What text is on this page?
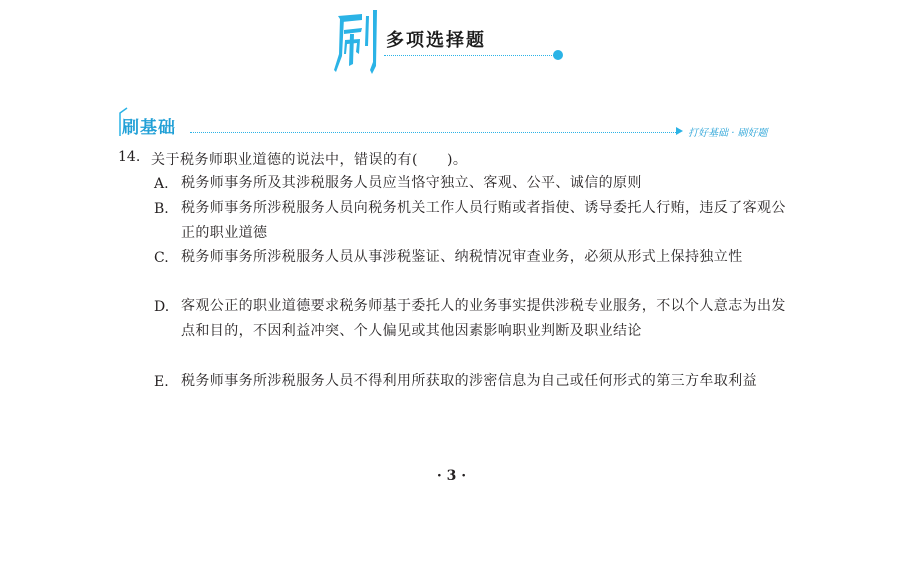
多项选择题
刷基础	打好基础 · 刷好题
14. 关于税务师职业道德的说法中，错误的有(　　)。
A. 税务师事务所及其涉税服务人员应当恪守独立、客观、公平、诚信的原则
B. 税务师事务所涉税服务人员向税务机关工作人员行贿或者指使、诱导委托人行贿，违反了客观公正的职业道德
C. 税务师事务所涉税服务人员从事涉税鉴证、纳税情况审查业务，必须从形式上保持独立性
D. 客观公正的职业道德要求税务师基于委托人的业务事实提供涉税专业服务，不以个人意志为出发点和目的，不因利益冲突、个人偏见或其他因素影响职业判断及职业结论
E. 税务师事务所涉税服务人员不得利用所获取的涉密信息为自己或任何形式的第三方牟取利益
· 3 ·
